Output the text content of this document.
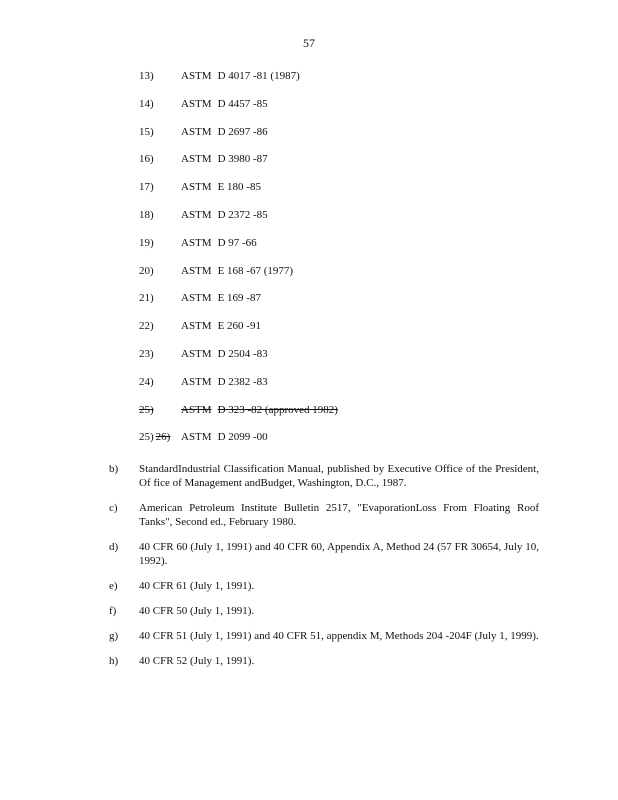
57
13) ASTM D 4017 -81 (1987)
14) ASTM D 4457 -85
15) ASTM D 2697 -86
16) ASTM D 3980 -87
17) ASTM E 180 -85
18) ASTM D 2372 -85
19) ASTM D 97 -66
20) ASTM E 168 -67 (1977)
21) ASTM E 169 -87
22) ASTM E 260 -91
23) ASTM D 2504 -83
24) ASTM D 2382 -83
25) ASTM D 323 -82 (approved 1982)
25) 26) ASTM D 2099 -00
b) StandardIndustrial Classification Manual, published by Executive Office of the President, Of fice of Management andBudget, Washington, D.C., 1987.
c) American Petroleum Institute Bulletin 2517, "EvaporationLoss From Floating Roof Tanks", Second ed., February 1980.
d) 40 CFR 60 (July 1, 1991) and 40 CFR 60, Appendix A, Method 24 (57 FR 30654, July 10, 1992).
e) 40 CFR 61 (July 1, 1991).
f) 40 CFR 50 (July 1, 1991).
g) 40 CFR 51 (July 1, 1991) and 40 CFR 51, appendix M, Methods 204 -204F (July 1, 1999).
h) 40 CFR 52 (July 1, 1991).
